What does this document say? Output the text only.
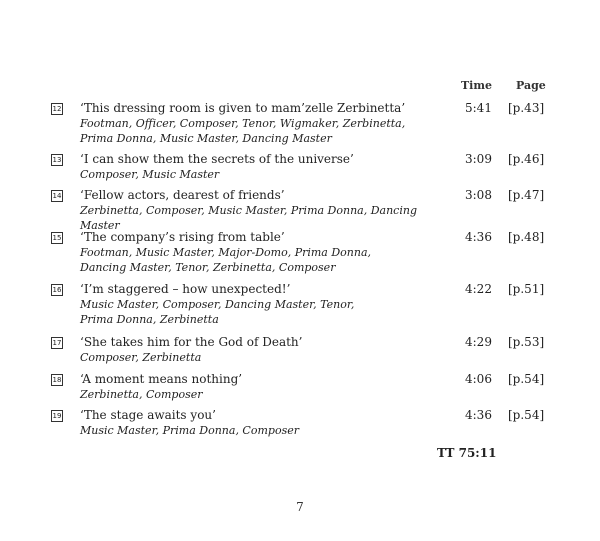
Time Page
12 ‘This dressing room is given to mam’zelle Zerbinetta’
Footman, Officer, Composer, Tenor, Wigmaker, Zerbinetta,
Prima Donna, Music Master, Dancing Master
5:41 [p.43]
13 ‘I can show them the secrets of the universe’
Composer, Music Master
3:09 [p.46]
14 ‘Fellow actors, dearest of friends’
Zerbinetta, Composer, Music Master, Prima Donna, Dancing Master
3:08 [p.47]
15 ‘The company’s rising from table’
Footman, Music Master, Major-Domo, Prima Donna,
Dancing Master, Tenor, Zerbinetta, Composer
4:36 [p.48]
16 ‘I’m staggered – how unexpected!’
Music Master, Composer, Dancing Master, Tenor,
Prima Donna, Zerbinetta
4:22 [p.51]
17 ‘She takes him for the God of Death’
Composer, Zerbinetta
4:29 [p.53]
18 ‘A moment means nothing’
Zerbinetta, Composer
4:06 [p.54]
19 ‘The stage awaits you’
Music Master, Prima Donna, Composer
4:36 [p.54]
TT 75:11
7
